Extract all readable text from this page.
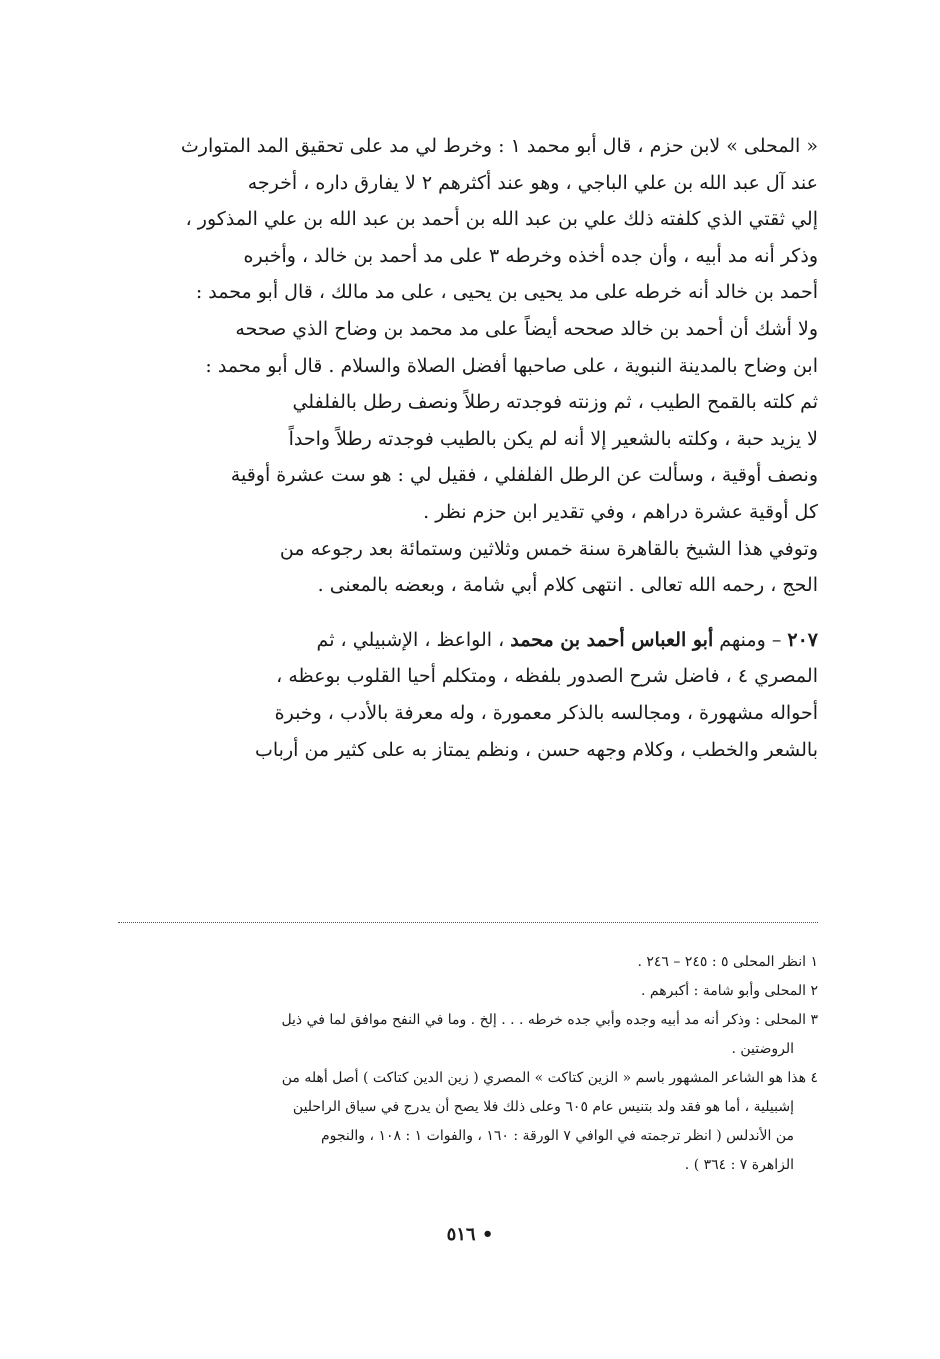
« المحلى » لابن حزم ، قال أبو محمد ١ : وخرط لي مد على تحقيق المد المتوارث
عند آل عبد الله بن علي الباجي ، وهو عند أكثرهم ٢ لا يفارق داره ، أخرجه
إلي ثقتي الذي كلفته ذلك علي بن عبد الله بن أحمد بن عبد الله بن علي المذكور ،
وذكر أنه مد أبيه ، وأن جده أخذه وخرطه ٣ على مد أحمد بن خالد ، وأخبره
أحمد بن خالد أنه خرطه على مد يحيى بن يحيى ، على مد مالك ، قال أبو محمد :
ولا أشك أن أحمد بن خالد صححه أيضاً على مد محمد بن وضاح الذي صححه
ابن وضاح بالمدينة النبوية ، على صاحبها أفضل الصلاة والسلام . قال أبو محمد :
ثم كلته بالقمح الطيب ، ثم وزنته فوجدته رطلاً ونصف رطل بالفلفلي
لا يزيد حبة ، وكلته بالشعير إلا أنه لم يكن بالطيب فوجدته رطلاً واحداً
ونصف أوقية ، وسألت عن الرطل الفلفلي ، فقيل لي : هو ست عشرة أوقية
كل أوقية عشرة دراهم ، وفي تقدير ابن حزم نظر .
وتوفي هذا الشيخ بالقاهرة سنة خمس وثلاثين وستمائة بعد رجوعه من
الحج ، رحمه الله تعالى . انتهى كلام أبي شامة ، وبعضه بالمعنى .
٢٠٧ – ومنهم أبو العباس أحمد بن محمد ، الواعظ ، الإشبيلي ، ثم
المصري ٤ ، فاضل شرح الصدور بلفظه ، ومتكلم أحيا القلوب بوعظه ،
أحواله مشهورة ، ومجالسه بالذكر معمورة ، وله معرفة بالأدب ، وخبرة
بالشعر والخطب ، وكلام وجهه حسن ، ونظم يمتاز به على كثير من أرباب
١ انظر المحلى ٥ : ٢٤٥ – ٢٤٦ .
٢ المحلى وأبو شامة : أكبرهم .
٣ المحلى : وذكر أنه مد أبيه وجده وأبي جده خرطه . . . إلخ . وما في النفح موافق لما في ذيل
الروضتين .
٤ هذا هو الشاعر المشهور باسم « الزين كتاكت » المصري ( زين الدين كتاكت ) أصل أهله من
إشبيلية ، أما هو فقد ولد بتنيس عام ٦٠٥ وعلى ذلك فلا يصح أن يدرج في سياق الراحلين
من الأندلس ( انظر ترجمته في الوافي ٧ الورقة : ١٦٠ ، والفوات ١ : ١٠٨ ، والنجوم
الزاهرة ٧ : ٣٦٤ ) .
• ٥١٦
